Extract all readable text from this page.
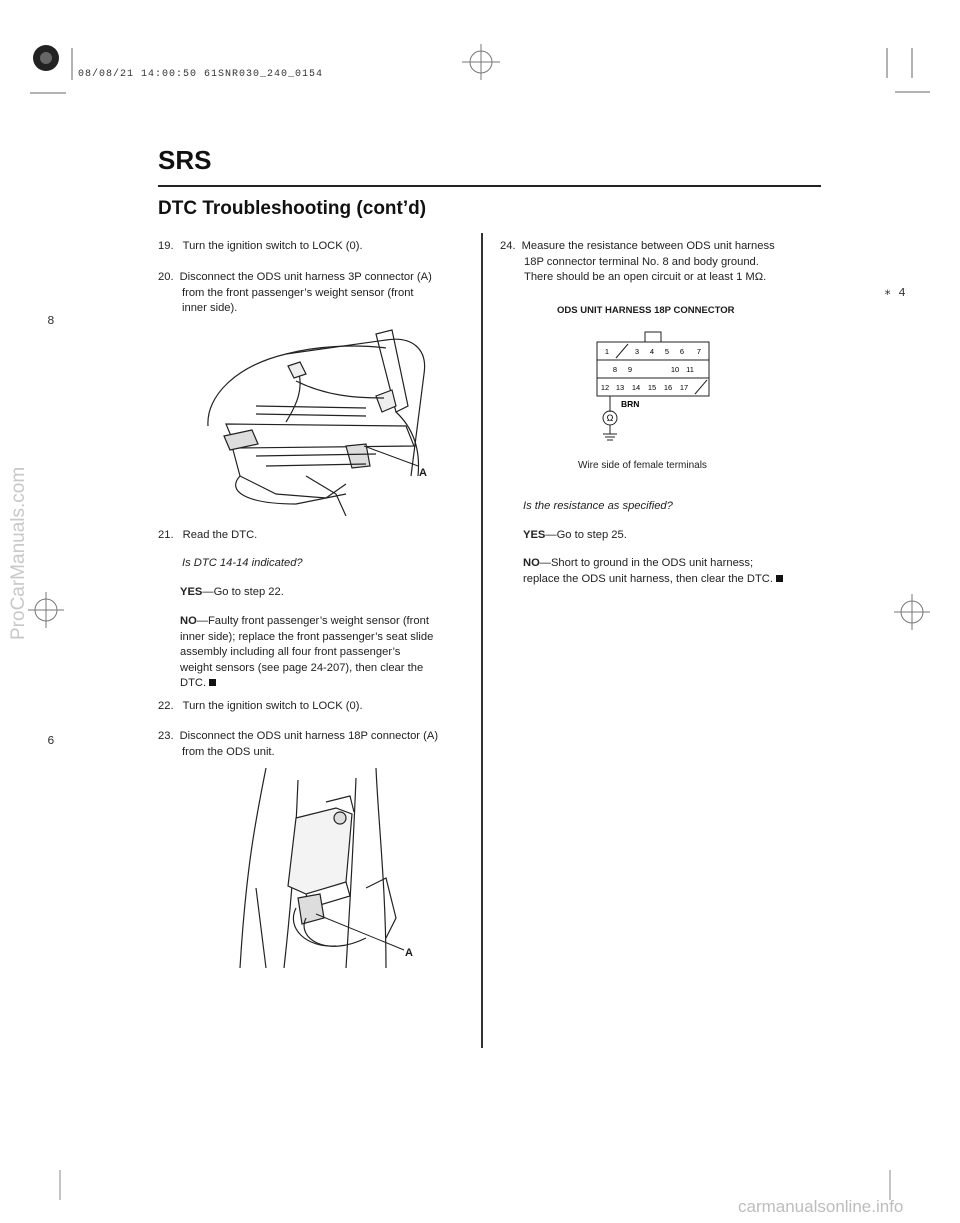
08/08/21 14:00:50 61SNR030_240_0154
SRS
DTC Troubleshooting (cont’d)
8
6
∗ 4
19. Turn the ignition switch to LOCK (0).
20. Disconnect the ODS unit harness 3P connector (A)
from the front passenger’s weight sensor (front
inner side).
A
21. Read the DTC.
Is DTC 14-14 indicated?
YES—Go to step 22.
NO—Faulty front passenger’s weight sensor (front
inner side); replace the front passenger’s seat slide
assembly including all four front passenger’s
weight sensors (see page 24-207), then clear the
DTC.
22. Turn the ignition switch to LOCK (0).
23. Disconnect the ODS unit harness 18P connector (A)
from the ODS unit.
A
24. Measure the resistance between ODS unit harness
18P connector terminal No. 8 and body ground.
There should be an open circuit or at least 1 MΩ.
ODS UNIT HARNESS 18P CONNECTOR
1	3 4 5 6 7
8 9	10 11
12 13 14 15 16 17
Ω
BRN
Wire side of female terminals
Is the resistance as specified?
YES—Go to step 25.
NO—Short to ground in the ODS unit harness;
replace the ODS unit harness, then clear the DTC.
ProCarManuals.com
carmanualsonline.info
